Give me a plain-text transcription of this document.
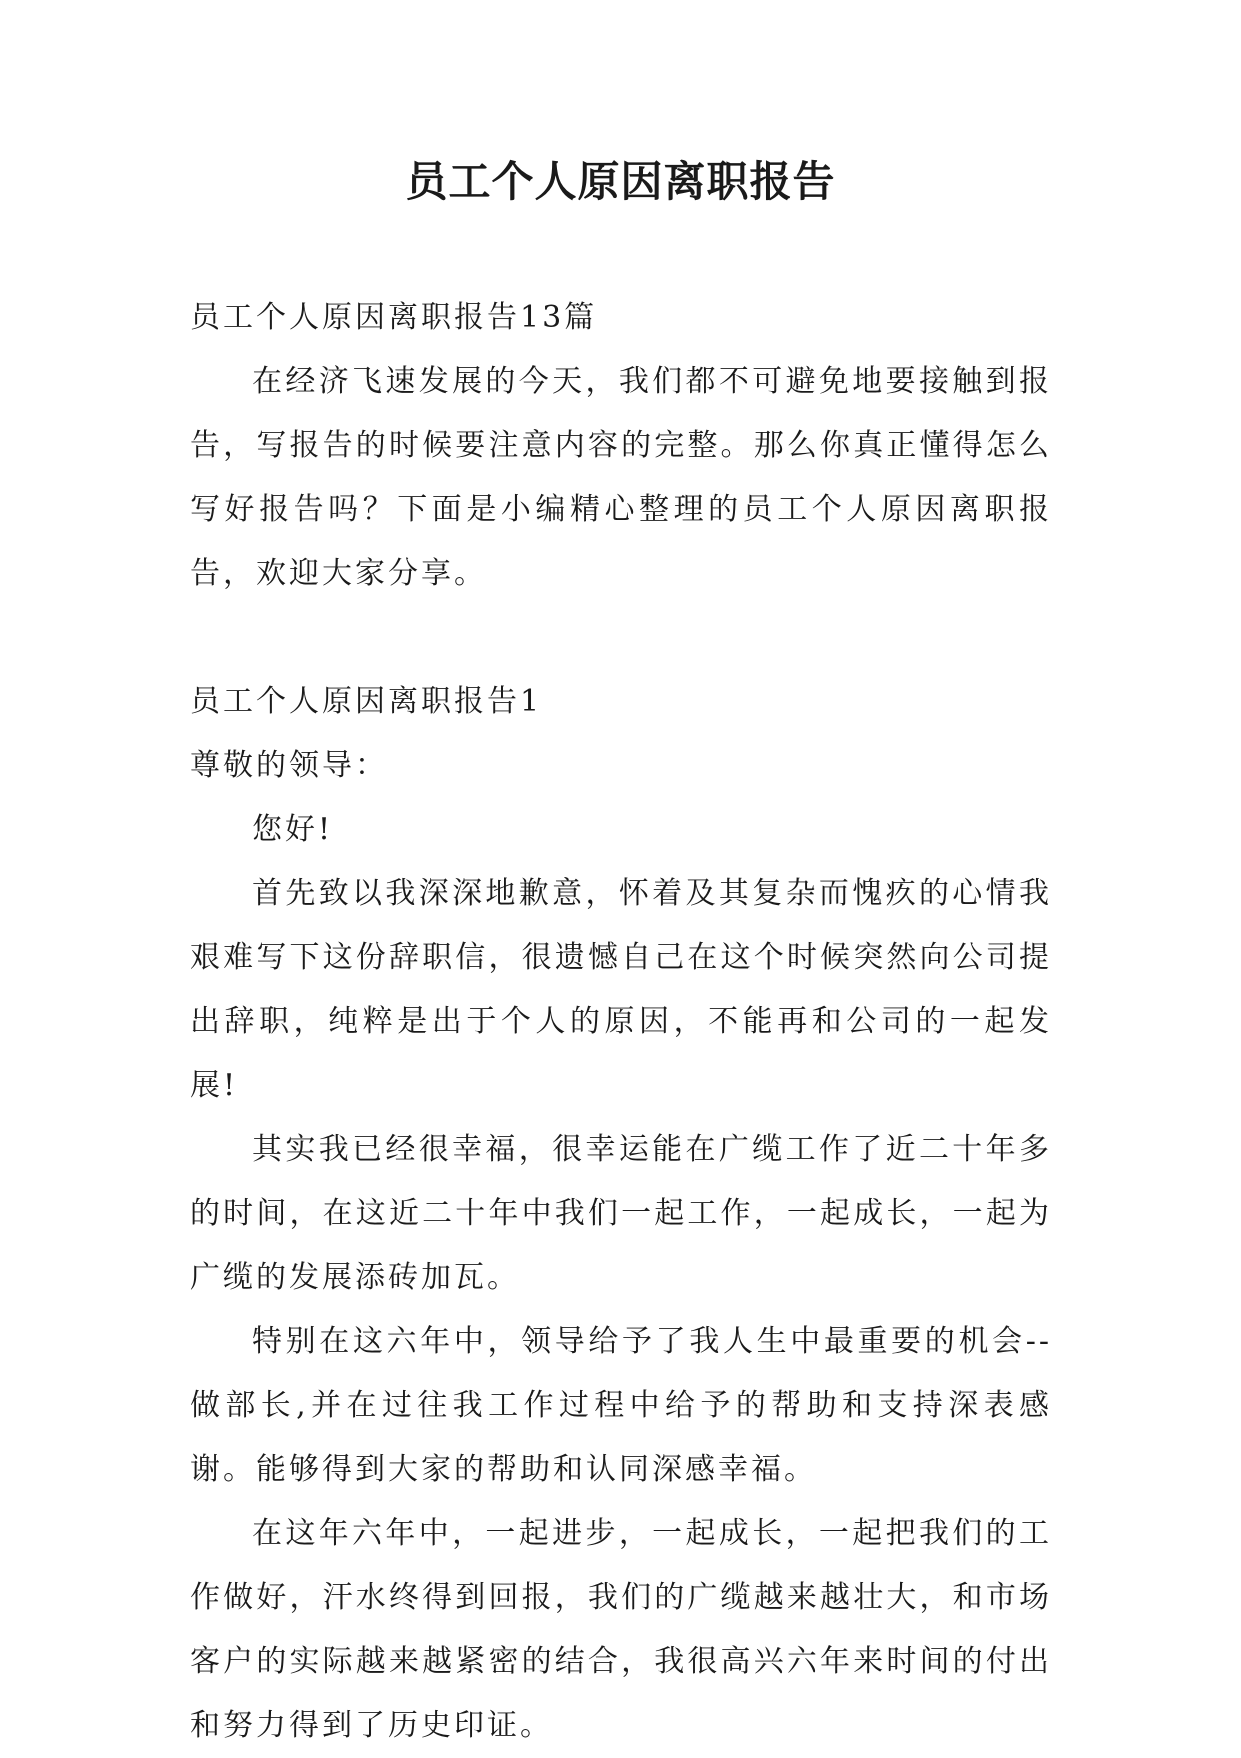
员工个人原因离职报告
员工个人原因离职报告13篇
在经济飞速发展的今天，我们都不可避免地要接触到报告，写报告的时候要注意内容的完整。那么你真正懂得怎么写好报告吗？下面是小编精心整理的员工个人原因离职报告，欢迎大家分享。
员工个人原因离职报告1
尊敬的领导：
您好!
首先致以我深深地歉意，怀着及其复杂而愧疚的心情我艰难写下这份辞职信，很遗憾自己在这个时候突然向公司提出辞职，纯粹是出于个人的原因，不能再和公司的一起发展!
其实我已经很幸福，很幸运能在广缆工作了近二十年多的时间，在这近二十年中我们一起工作，一起成长，一起为广缆的发展添砖加瓦。
特别在这六年中，领导给予了我人生中最重要的机会--做部长,并在过往我工作过程中给予的帮助和支持深表感谢。能够得到大家的帮助和认同深感幸福。
在这年六年中，一起进步，一起成长，一起把我们的工作做好，汗水终得到回报，我们的广缆越来越壮大，和市场客户的实际越来越紧密的结合，我很高兴六年来时间的付出和努力得到了历史印证。
